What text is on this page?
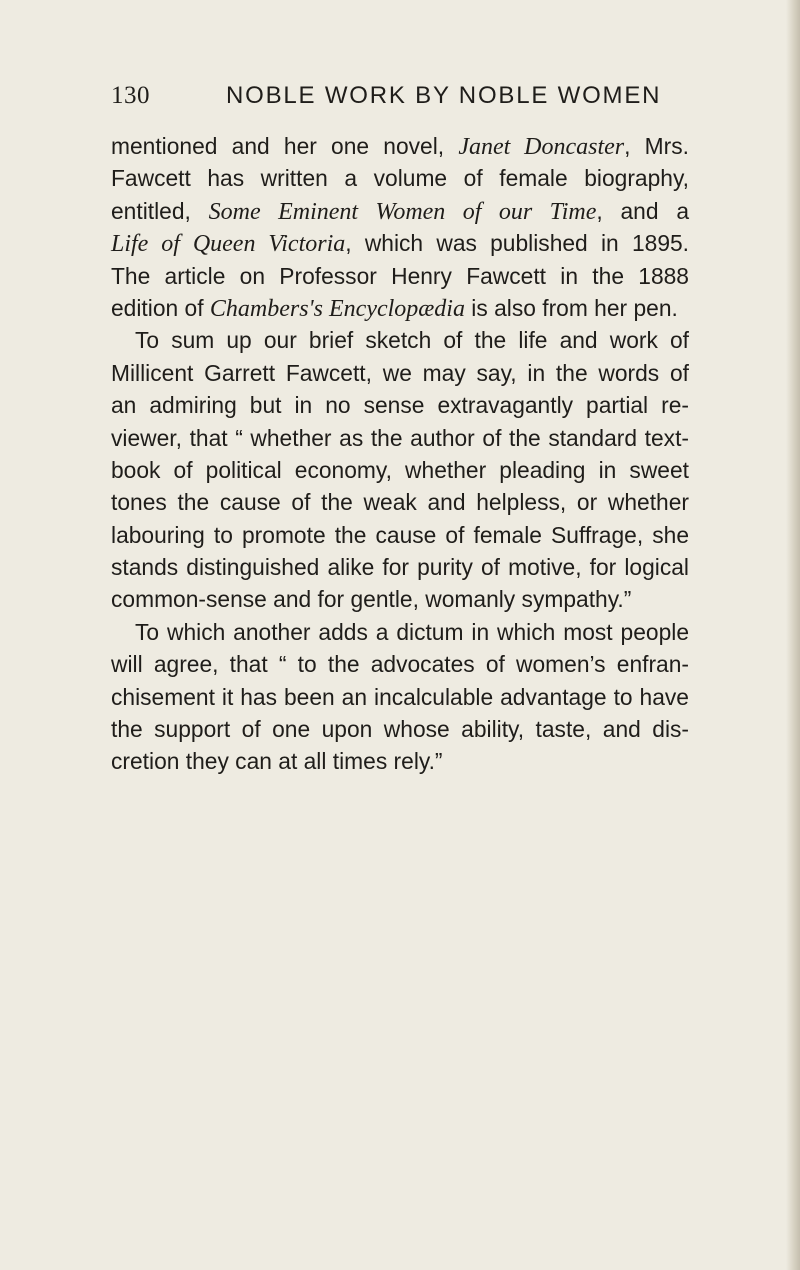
130	NOBLE WORK BY NOBLE WOMEN
mentioned and her one novel, Janet Doncaster, Mrs.
Fawcett has written a volume of female biography,
entitled, Some Eminent Women of our Time, and a
Life of Queen Victoria, which was published in 1895.
The article on Professor Henry Fawcett in the 1888
edition of Chambers's Encyclopædia is also from her pen.
To sum up our brief sketch of the life and work of
Millicent Garrett Fawcett, we may say, in the words of
an admiring but in no sense extravagantly partial re-
viewer, that “ whether as the author of the standard text-
book of political economy, whether pleading in sweet
tones the cause of the weak and helpless, or whether
labouring to promote the cause of female Suffrage, she
stands distinguished alike for purity of motive, for logical
common-sense and for gentle, womanly sympathy.”
To which another adds a dictum in which most people
will agree, that “ to the advocates of women’s enfran-
chisement it has been an incalculable advantage to have
the support of one upon whose ability, taste, and dis-
cretion they can at all times rely.”
